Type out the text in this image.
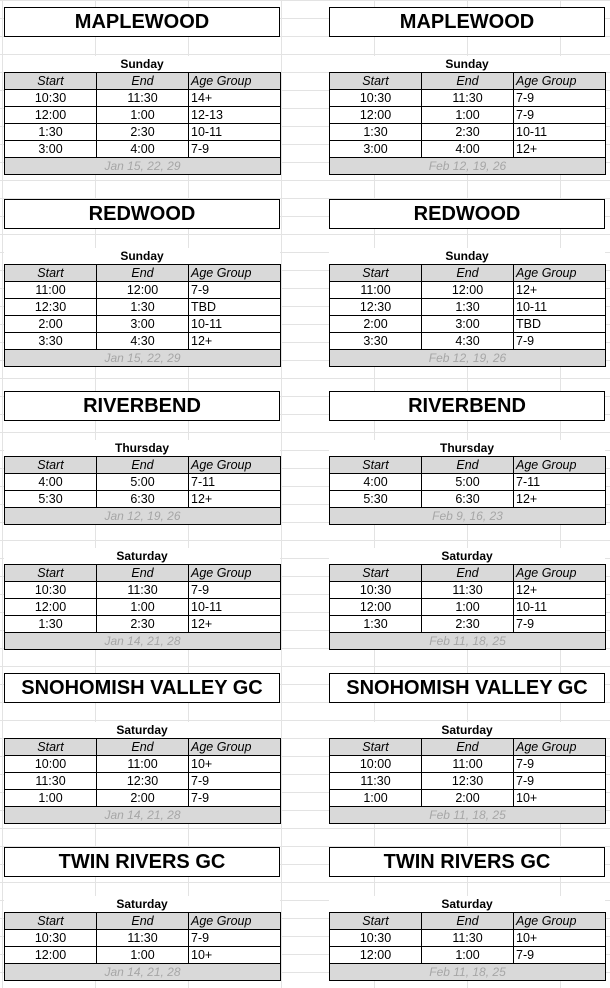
MAPLEWOOD
Sunday
Start	End	Age Group
10:30	11:30	14+
12:00	1:00	12-13
1:30	2:30	10-11
3:00	4:00	7-9
Jan 15, 22, 29		
MAPLEWOOD
Sunday
Start	End	Age Group
10:30	11:30	7-9
12:00	1:00	7-9
1:30	2:30	10-11
3:00	4:00	12+
Feb 12, 19, 26		
REDWOOD
Sunday
Start	End	Age Group
11:00	12:00	7-9
12:30	1:30	TBD
2:00	3:00	10-11
3:30	4:30	12+
Jan 15, 22, 29		
REDWOOD
Sunday
Start	End	Age Group
11:00	12:00	12+
12:30	1:30	10-11
2:00	3:00	TBD
3:30	4:30	7-9
Feb 12, 19, 26		
RIVERBEND
Thursday
Start	End	Age Group
4:00	5:00	7-11
5:30	6:30	12+
Jan 12, 19, 26		
RIVERBEND
Thursday
Start	End	Age Group
4:00	5:00	7-11
5:30	6:30	12+
Feb 9, 16, 23		
Saturday
Start	End	Age Group
10:30	11:30	7-9
12:00	1:00	10-11
1:30	2:30	12+
Jan 14, 21, 28		
Saturday
Start	End	Age Group
10:30	11:30	12+
12:00	1:00	10-11
1:30	2:30	7-9
Feb 11, 18, 25		
SNOHOMISH VALLEY GC
Saturday
Start	End	Age Group
10:00	11:00	10+
11:30	12:30	7-9
1:00	2:00	7-9
Jan 14, 21, 28		
SNOHOMISH VALLEY GC
Saturday
Start	End	Age Group
10:00	11:00	7-9
11:30	12:30	7-9
1:00	2:00	10+
Feb 11, 18, 25		
TWIN RIVERS GC
Saturday
Start	End	Age Group
10:30	11:30	7-9
12:00	1:00	10+
Jan 14, 21, 28		
TWIN RIVERS GC
Saturday
Start	End	Age Group
10:30	11:30	10+
12:00	1:00	7-9
Feb 11, 18, 25		
